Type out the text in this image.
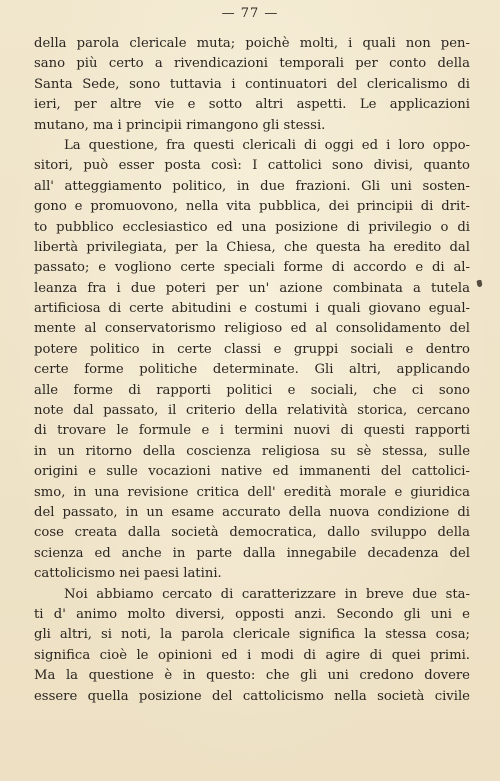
— 77 —
della parola clericale muta; poichè molti, i quali non pen-
sano più certo a rivendicazioni temporali per conto della
Santa Sede, sono tuttavia i continuatori del clericalismo di
ieri, per altre vie e sotto altri aspetti. Le applicazioni
mutano, ma i principii rimangono gli stessi.
La questione, fra questi clericali di oggi ed i loro oppo-
sitori, può esser posta così: I cattolici sono divisi, quanto
all' atteggiamento politico, in due frazioni. Gli uni sosten-
gono e promuovono, nella vita pubblica, dei principii di drit-
to pubblico ecclesiastico ed una posizione di privilegio o di
libertà privilegiata, per la Chiesa, che questa ha eredito dal
passato; e vogliono certe speciali forme di accordo e di al-
leanza fra i due poteri per un' azione combinata a tutela
artificiosa di certe abitudini e costumi i quali giovano egual-
mente al conservatorismo religioso ed al consolidamento del
potere politico in certe classi e gruppi sociali e dentro
certe forme politiche determinate. Gli altri, applicando
alle forme di rapporti politici e sociali, che ci sono
note dal passato, il criterio della relatività storica, cercano
di trovare le formule e i termini nuovi di questi rapporti
in un ritorno della coscienza religiosa su sè stessa, sulle
origini e sulle vocazioni native ed immanenti del cattolici-
smo, in una revisione critica dell' eredità morale e giuridica
del passato, in un esame accurato della nuova condizione di
cose creata dalla società democratica, dallo sviluppo della
scienza ed anche in parte dalla innegabile decadenza del
cattolicismo nei paesi latini.
Noi abbiamo cercato di caratterizzare in breve due sta-
ti d' animo molto diversi, opposti anzi. Secondo gli uni e
gli altri, si noti, la parola clericale significa la stessa cosa;
significa cioè le opinioni ed i modi di agire di quei primi.
Ma la questione è in questo: che gli uni credono dovere
essere quella posizione del cattolicismo nella società civile
